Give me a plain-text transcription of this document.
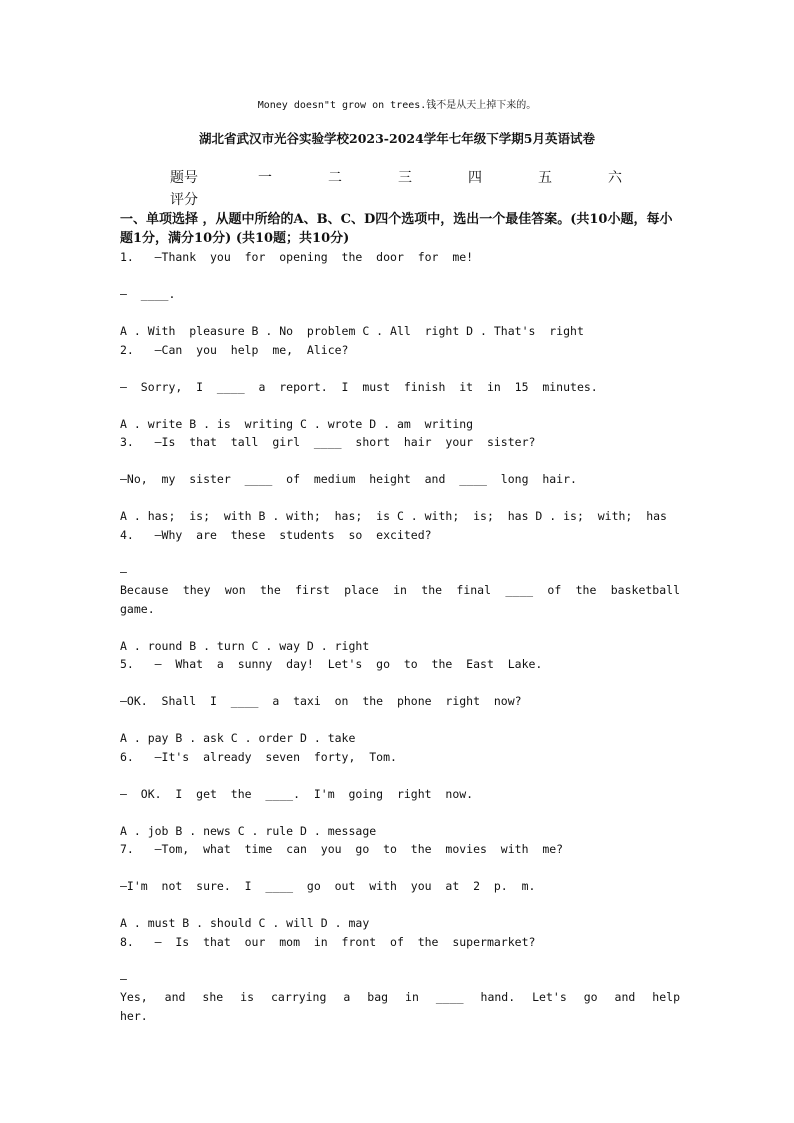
Money doesn"t grow on trees.钱不是从天上掉下来的。
湖北省武汉市光谷实验学校2023-2024学年七年级下学期5月英语试卷
题号	一	二	三	四	五	六
评分
一、单项选择 ，从题中所给的A、B、C、D四个选项中，选出一个最佳答案。(共10小题，每小题1分，满分10分) (共10题；共10分)
1.   —Thank  you  for  opening  the  door  for  me!
—  ____.
A . With  pleasure B . No  problem C . All  right D . That's  right
2.   —Can  you  help  me,  Alice?
—  Sorry,  I  ____  a  report.  I  must  finish  it  in  15  minutes.
A . write B . is  writing C . wrote D . am  writing
3.   —Is  that  tall  girl  ____  short  hair  your  sister?
—No,  my  sister  ____  of  medium  height  and  ____  long  hair.
A . has;  is;  with B . with;  has;  is C . with;  is;  has D . is;  with;  has
4.   —Why  are  these  students  so  excited?
—
Because they won the first place in the final ____ of the basketball game.
A . round B . turn C . way D . right
5.   —  What  a  sunny  day!  Let's  go  to  the  East  Lake.
—OK.  Shall  I  ____  a  taxi  on  the  phone  right  now?
A . pay B . ask C . order D . take
6.   —It's  already  seven  forty,  Tom.
—  OK.  I  get  the  ____.  I'm  going  right  now.
A . job B . news C . rule D . message
7.   —Tom,  what  time  can  you  go  to  the  movies  with  me?
—I'm  not  sure.  I  ____  go  out  with  you  at  2  p.  m.
A . must B . should C . will D . may
8.   —  Is  that  our  mom  in  front  of  the  supermarket?
—
Yes, and she is carrying a bag in ____ hand. Let's go and help her.
